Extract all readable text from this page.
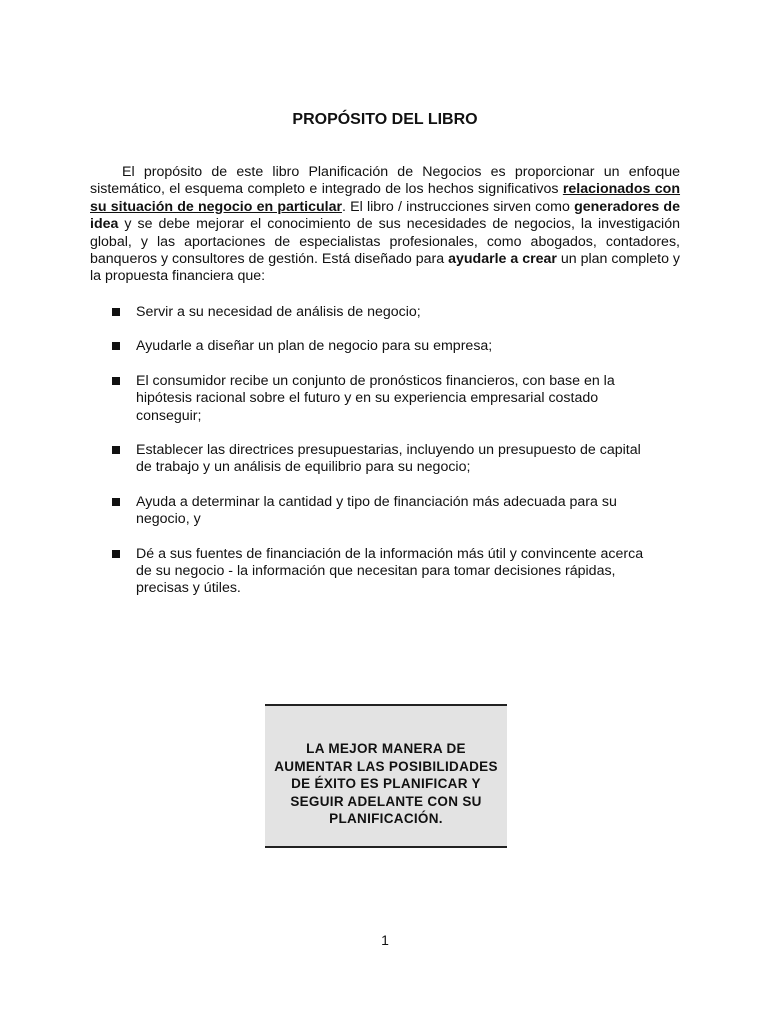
PROPÓSITO DEL LIBRO

El propósito de este libro Planificación de Negocios es proporcionar un enfoque sistemático, el esquema completo e integrado de los hechos significativos relacionados con su situación de negocio en particular. El libro / instrucciones sirven como generadores de idea y se debe mejorar el conocimiento de sus necesidades de negocios, la investigación global, y las aportaciones de especialistas profesionales, como abogados, contadores, banqueros y consultores de gestión. Está diseñado para ayudarle a crear un plan completo y la propuesta financiera que:

Servir a su necesidad de análisis de negocio;
Ayudarle a diseñar un plan de negocio para su empresa;
El consumidor recibe un conjunto de pronósticos financieros, con base en la hipótesis racional sobre el futuro y en su experiencia empresarial costado conseguir;
Establecer las directrices presupuestarias, incluyendo un presupuesto de capital de trabajo y un análisis de equilibrio para su negocio;
Ayuda a determinar la cantidad y tipo de financiación más adecuada para su negocio, y
Dé a sus fuentes de financiación de la información más útil y convincente acerca de su negocio - la información que necesitan para tomar decisiones rápidas, precisas y útiles.
LA MEJOR MANERA DE AUMENTAR LAS POSIBILIDADES DE ÉXITO ES PLANIFICAR Y SEGUIR ADELANTE CON SU PLANIFICACIÓN.
1
